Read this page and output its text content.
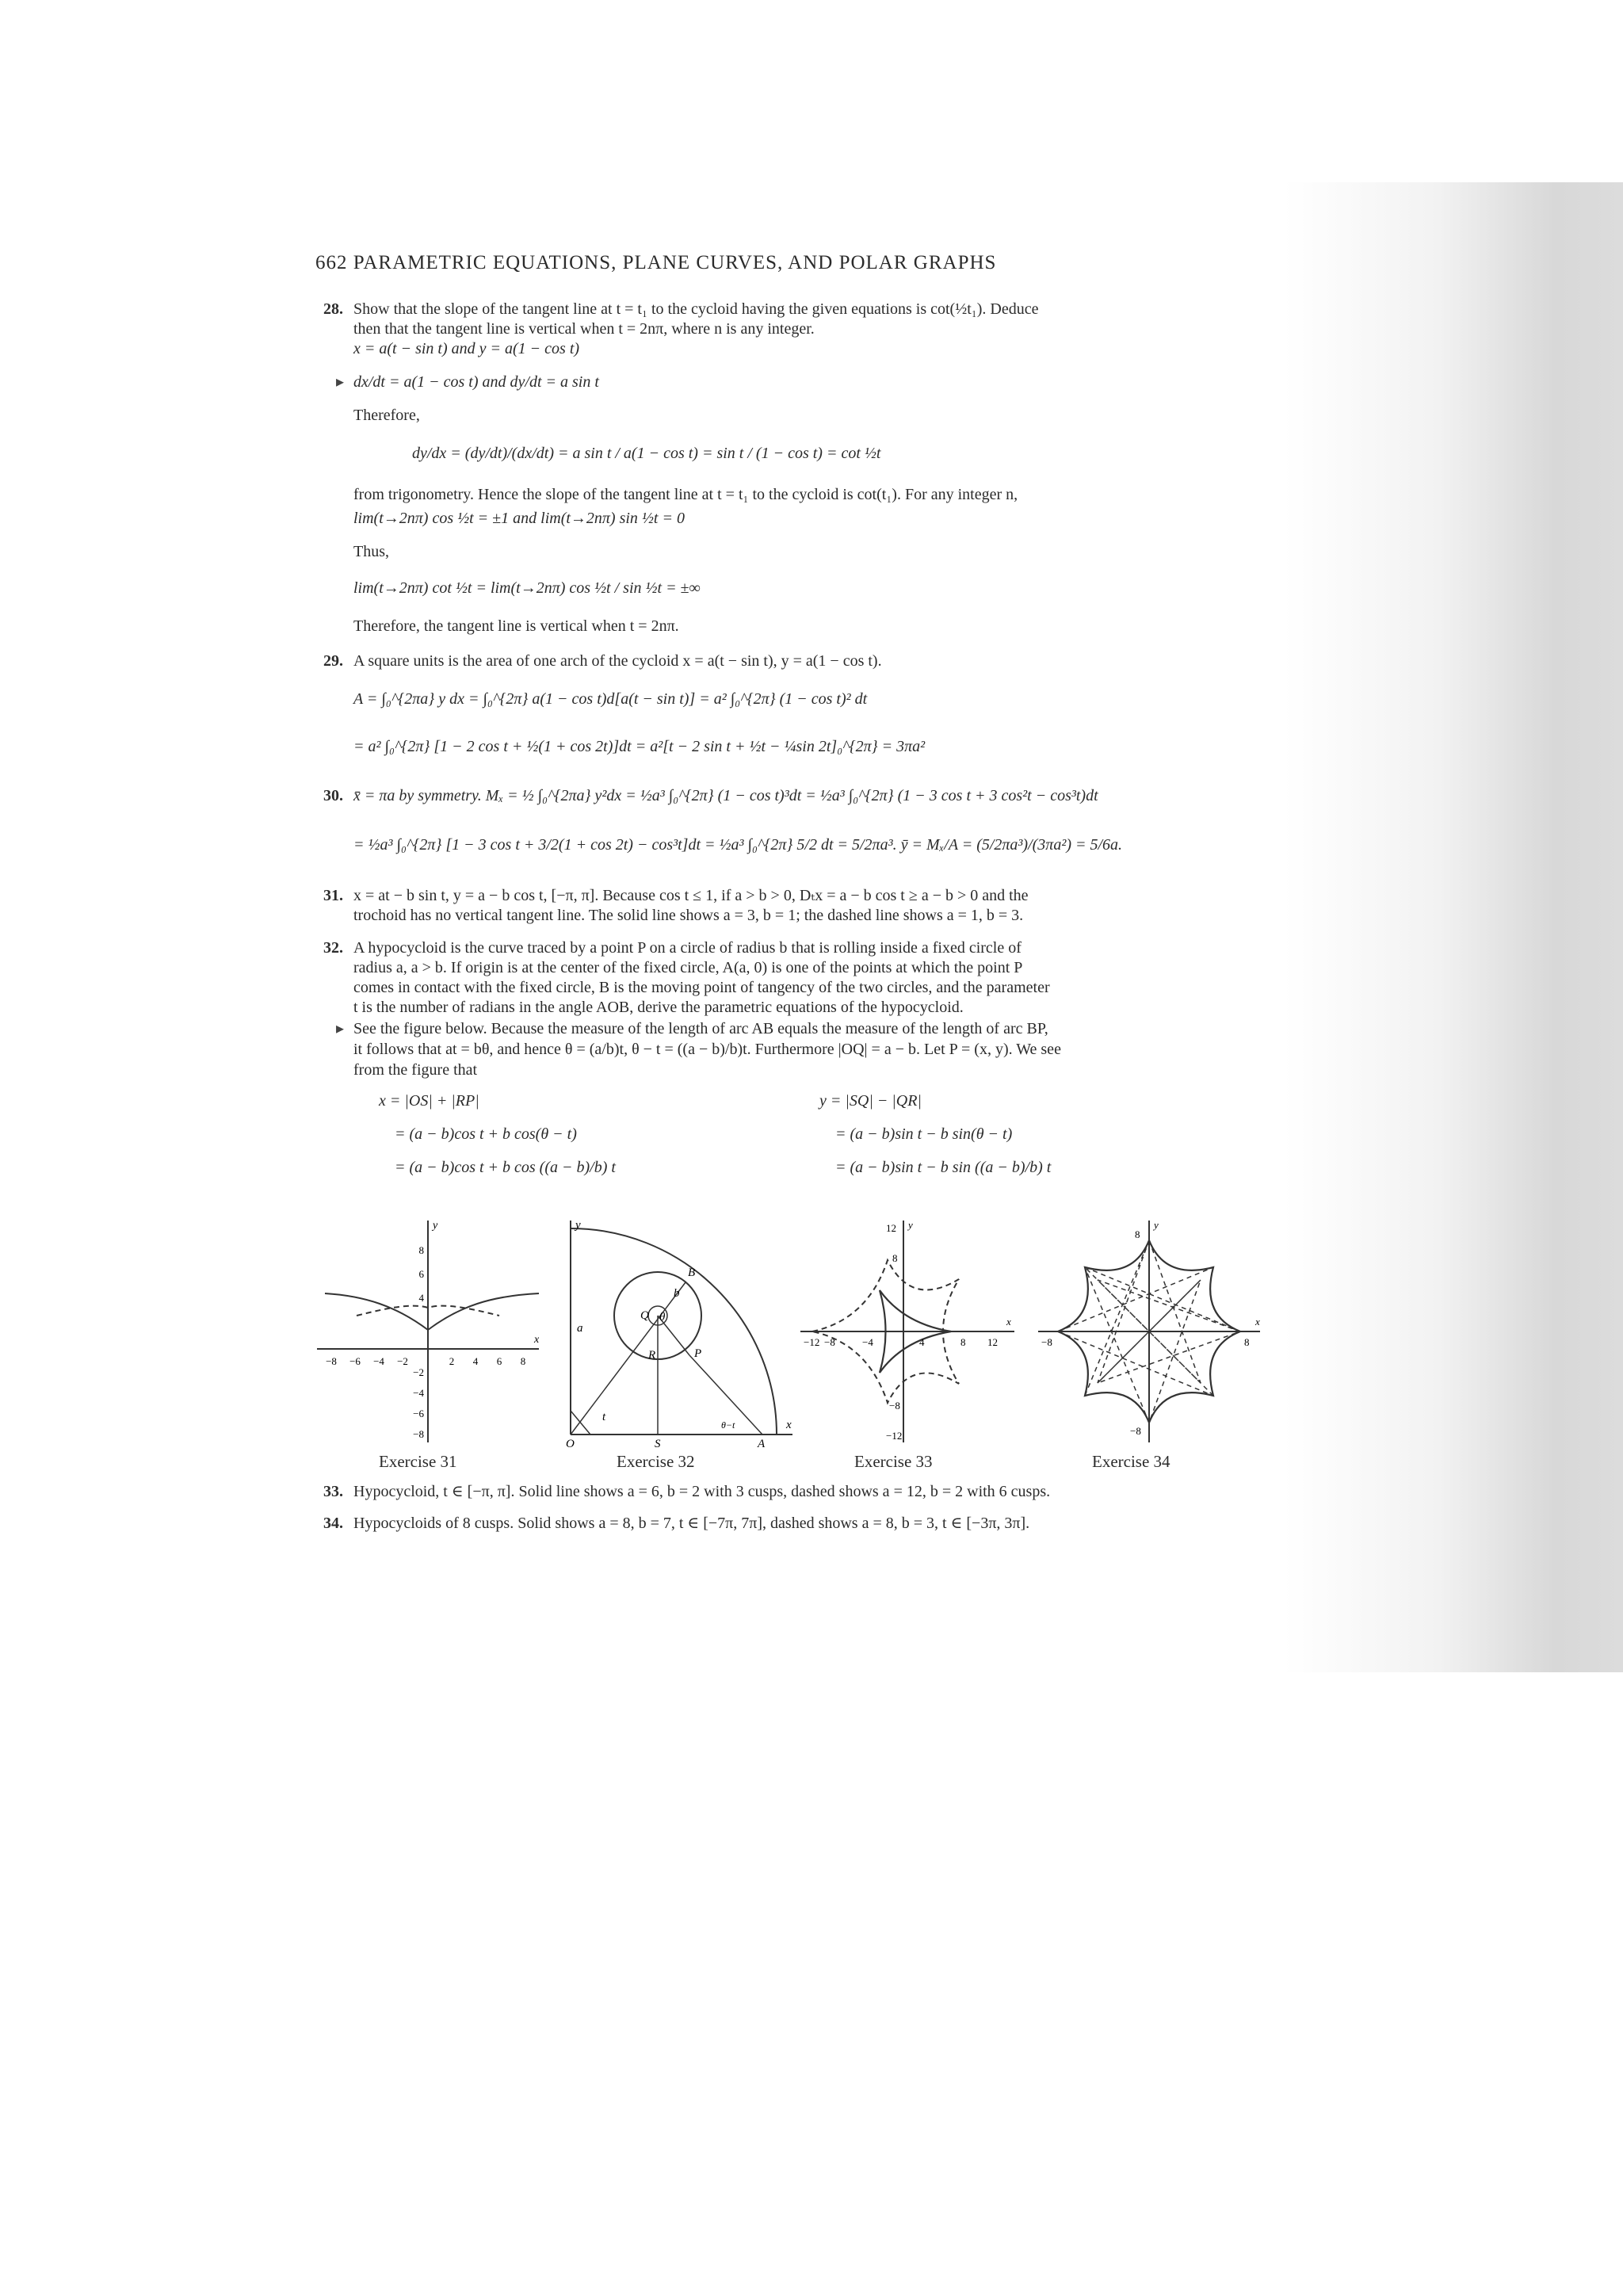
662 PARAMETRIC EQUATIONS, PLANE CURVES, AND POLAR GRAPHS
28. Show that the slope of the tangent line at t = t₁ to the cycloid having the given equations is cot(½t₁). Deduce
then that the tangent line is vertical when t = 2nπ, where n is any integer.
x = a(t − sin t) and y = a(1 − cos t)
▸ dx/dt = a(1 − cos t) and dy/dt = a sin t
Therefore,
dy/dx = (dy/dt)/(dx/dt) = a sin t / a(1 − cos t) = sin t / (1 − cos t) = cot ½t
from trigonometry. Hence the slope of the tangent line at t = t₁ to the cycloid is cot(t₁). For any integer n,
lim(t→2nπ) cos ½t = ±1 and lim(t→2nπ) sin ½t = 0
Thus,
lim(t→2nπ) cot ½t = lim(t→2nπ) cos ½t / sin ½t = ±∞
Therefore, the tangent line is vertical when t = 2nπ.
29. A square units is the area of one arch of the cycloid x = a(t − sin t), y = a(1 − cos t).
A = ∫₀^{2πa} y dx = ∫₀^{2π} a(1 − cos t)d[a(t − sin t)] = a² ∫₀^{2π} (1 − cos t)² dt
= a² ∫₀^{2π} [1 − 2 cos t + ½(1 + cos 2t)]dt = a²[t − 2 sin t + ½t − ¼sin 2t]₀^{2π} = 3πa²
30. x̄ = πa by symmetry. Mₓ = ½ ∫₀^{2πa} y²dx = ½a³ ∫₀^{2π} (1 − cos t)³dt = ½a³ ∫₀^{2π} (1 − 3 cos t + 3 cos²t − cos³t)dt
= ½a³ ∫₀^{2π} [1 − 3 cos t + 3/2(1 + cos 2t) − cos³t]dt = ½a³ ∫₀^{2π} 5/2 dt = 5/2πa³. ȳ = Mₓ/A = (5/2πa³)/(3πa²) = 5/6a.
31. x = at − b sin t, y = a − b cos t, [−π, π]. Because cos t ≤ 1, if a > b > 0, Dₜx = a − b cos t ≥ a − b > 0 and the
trochoid has no vertical tangent line. The solid line shows a = 3, b = 1; the dashed line shows a = 1, b = 3.
32. A hypocycloid is the curve traced by a point P on a circle of radius b that is rolling inside a fixed circle of
radius a, a > b. If origin is at the center of the fixed circle, A(a, 0) is one of the points at which the point P
comes in contact with the fixed circle, B is the moving point of tangency of the two circles, and the parameter
t is the number of radians in the angle AOB, derive the parametric equations of the hypocycloid.
▸ See the figure below. Because the measure of the length of arc AB equals the measure of the length of arc BP,
it follows that at = bθ, and hence θ = (a/b)t, θ − t = ((a − b)/b)t. Furthermore |OQ| = a − b. Let P = (x, y). We see
from the figure that
x = |OS| + |RP|
= (a − b)cos t + b cos(θ − t)
= (a − b)cos t + b cos ((a − b)/b) t
y = |SQ| − |QR|
= (a − b)sin t − b sin(θ − t)
= (a − b)sin t − b sin ((a − b)/b) t
−8 −6 −4 −2	2 4 6 8
8
6
4
−2
−4
−6
−8
x
y
Exercise 31
B
b
Q θ
R	P
a
t
O	S
θ−t
A
x
y
Exercise 32
12
8
−8
−12
−12 −8	−4	4	8 12
x
y
Exercise 33
8
−8
−8	8
x
y
Exercise 34
33. Hypocycloid, t ∈ [−π, π]. Solid line shows a = 6, b = 2 with 3 cusps, dashed shows a = 12, b = 2 with 6 cusps.
34. Hypocycloids of 8 cusps. Solid shows a = 8, b = 7, t ∈ [−7π, 7π], dashed shows a = 8, b = 3, t ∈ [−3π, 3π].
